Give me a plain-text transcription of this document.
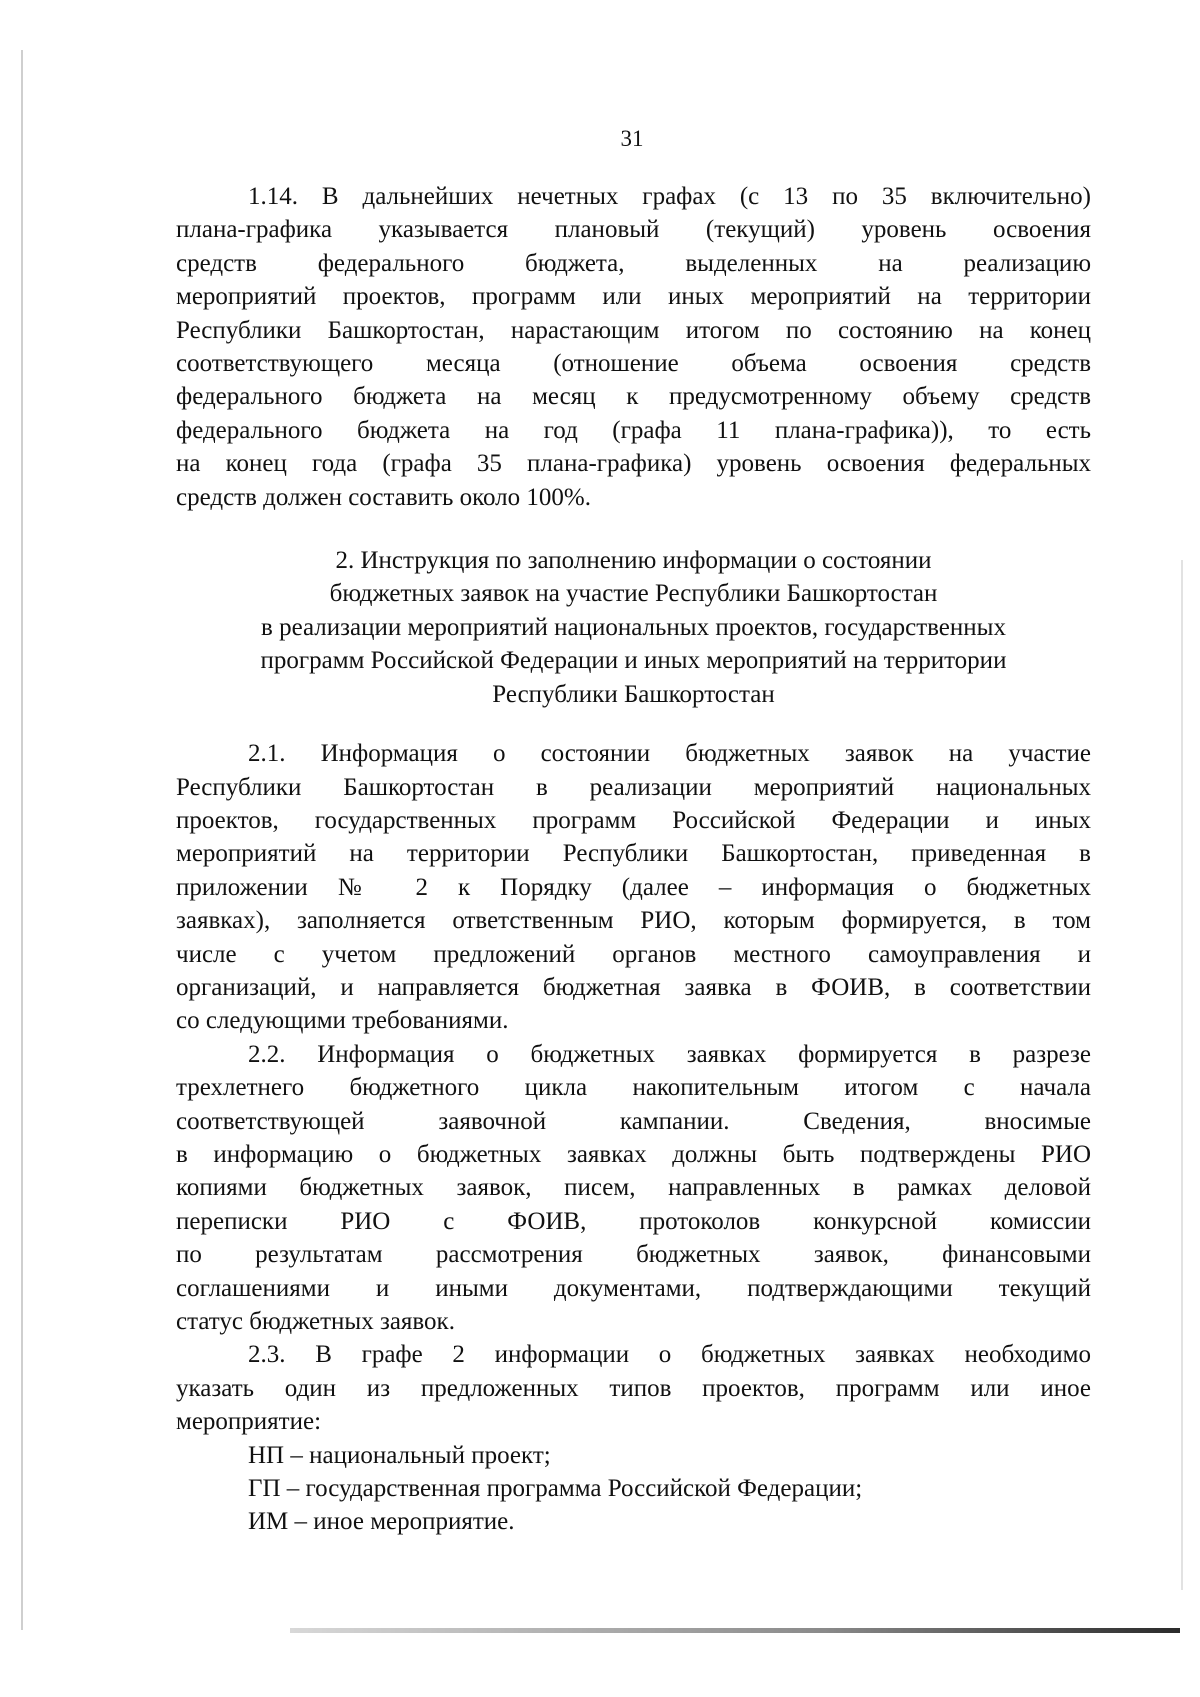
31
1.14. В дальнейших нечетных графах (с 13 по 35 включительно)
плана-графика указывается плановый (текущий) уровень освоения
средств федерального бюджета, выделенных на реализацию
мероприятий проектов, программ или иных мероприятий на территории
Республики Башкортостан, нарастающим итогом по состоянию на конец
соответствующего месяца (отношение объема освоения средств
федерального бюджета на месяц к предусмотренному объему средств
федерального бюджета на год (графа 11 плана-графика)), то есть
на конец года (графа 35 плана-графика) уровень освоения федеральных
средств должен составить около 100%.
2. Инструкция по заполнению информации о состоянии
бюджетных заявок на участие Республики Башкортостан
в реализации мероприятий национальных проектов, государственных
программ Российской Федерации и иных мероприятий на территории
Республики Башкортостан
2.1. Информация о состоянии бюджетных заявок на участие
Республики Башкортостан в реализации мероприятий национальных
проектов, государственных программ Российской Федерации и иных
мероприятий на территории Республики Башкортостан, приведенная в
приложении № 2 к Порядку (далее – информация о бюджетных
заявках), заполняется ответственным РИО, которым формируется, в том
числе с учетом предложений органов местного самоуправления и
организаций, и направляется бюджетная заявка в ФОИВ, в соответствии
со следующими требованиями.
2.2. Информация о бюджетных заявках формируется в разрезе
трехлетнего бюджетного цикла накопительным итогом с начала
соответствующей заявочной кампании. Сведения, вносимые
в информацию о бюджетных заявках должны быть подтверждены РИО
копиями бюджетных заявок, писем, направленных в рамках деловой
переписки РИО с ФОИВ, протоколов конкурсной комиссии
по результатам рассмотрения бюджетных заявок, финансовыми
соглашениями и иными документами, подтверждающими текущий
статус бюджетных заявок.
2.3. В графе 2 информации о бюджетных заявках необходимо
указать один из предложенных типов проектов, программ или иное
мероприятие:
НП – национальный проект;
ГП – государственная программа Российской Федерации;
ИМ – иное мероприятие.
